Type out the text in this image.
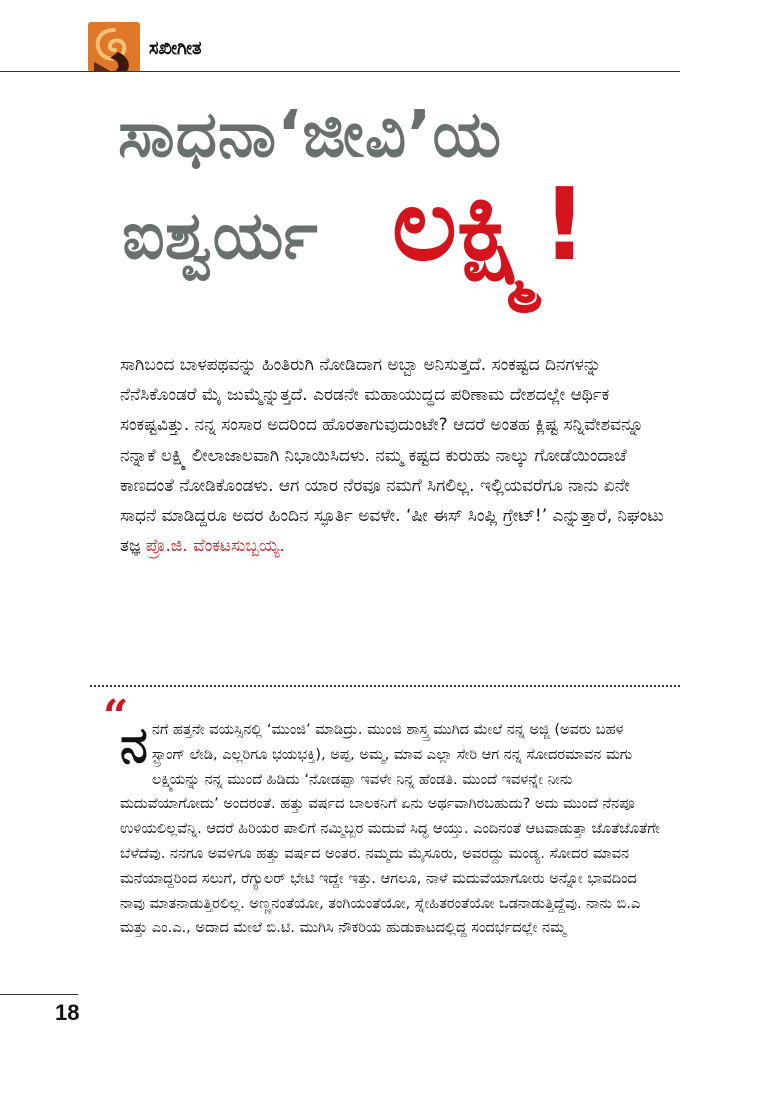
ಸಖೀಗೀತ
ಸಾಧನಾ‘ಜೀವಿ’ಯ
ಐಶ್ವರ್ಯ ಲಕ್ಷ್ಮಿ!
ಸಾಗಿಬಂದ ಬಾಳಪಥವನ್ನು ಹಿಂತಿರುಗಿ ನೋಡಿದಾಗ ಅಬ್ಬಾ ಅನಿಸುತ್ತದೆ. ಸಂಕಷ್ಟದ ದಿನಗಳನ್ನು ನೆನೆಸಿಕೊಂಡರೆ ಮೈ ಜುಮ್ಮೆನ್ನುತ್ತದೆ. ಎರಡನೇ ಮಹಾಯುದ್ಧದ ಪರಿಣಾಮ ದೇಶದಲ್ಲೇ ಆರ್ಥಿಕ ಸಂಕಷ್ಟವಿತ್ತು. ನನ್ನ ಸಂಸಾರ ಅದರಿಂದ ಹೊರತಾಗುವುದುಂಟೇ? ಆದರೆ ಅಂತಹ ಕ್ಲಿಷ್ಟ ಸನ್ನಿವೇಶವನ್ನೂ ನನ್ನಾಕೆ ಲಕ್ಷ್ಮಿ ಲೀಲಾಜಾಲವಾಗಿ ನಿಭಾಯಿಸಿದಳು. ನಮ್ಮ ಕಷ್ಟದ ಕುರುಹು ನಾಲ್ಕು ಗೋಡೆಯಿಂದಾಚೆ ಕಾಣದಂತೆ ನೋಡಿಕೊಂಡಳು. ಆಗ ಯಾರ ನೆರವೂ ನಮಗೆ ಸಿಗಲಿಲ್ಲ. ಇಲ್ಲಿಯವರೆಗೂ ನಾನು ಏನೇ ಸಾಧನೆ ಮಾಡಿದ್ದರೂ ಅದರ ಹಿಂದಿನ ಸ್ಫೂರ್ತಿ ಅವಳೇ. ‘ಷೀ ಈಸ್ ಸಿಂಪ್ಲಿ ಗ್ರೇಟ್!’ ಎನ್ನುತ್ತಾರೆ, ನಿಘಂಟು ತಜ್ಞ ಪ್ರೊ.ಜಿ. ವೆಂಕಟಸುಬ್ಬಯ್ಯ.
“
ನನಗೆ ಹತ್ತನೇ ವಯಸ್ಸಿನಲ್ಲಿ ‘ಮುಂಜಿ’ ಮಾಡಿದ್ರು. ಮುಂಜಿ ಶಾಸ್ತ್ರ ಮುಗಿದ ಮೇಲೆ ನನ್ನ ಅಜ್ಜಿ (ಅವರು ಬಹಳ ಸ್ಟ್ರಾಂಗ್ ಲೇಡಿ, ಎಲ್ಲರಿಗೂ ಭಯಭಕ್ತಿ), ಅಪ್ಪ, ಅಮ್ಮ, ಮಾವ ಎಲ್ಲಾ ಸೇರಿ ಆಗ ನನ್ನ ಸೋದರಮಾವನ ಮಗು ಲಕ್ಷ್ಮಿಯನ್ನು ನನ್ನ ಮುಂದೆ ಹಿಡಿದು ‘ನೋಡಪ್ಪಾ ಇವಳೇ ನಿನ್ನ ಹೆಂಡತಿ. ಮುಂದೆ ಇವಳನ್ನೇ ನೀನು ಮದುವೆಯಾಗೋದು’ ಅಂದರಂತೆ. ಹತ್ತು ವರ್ಷದ ಬಾಲಕನಿಗೆ ಏನು ಅರ್ಥವಾಗಿರಬಹುದು? ಅದು ಮುಂದೆ ನೆನಪೂ ಉಳಿಯಲಿಲ್ಲವೆನ್ನಿ. ಆದರೆ ಹಿರಿಯರ ಪಾಲಿಗೆ ನಮ್ಮಿಬ್ಬರ ಮದುವೆ ಸಿದ್ಧ ಆಯ್ತು. ಎಂದಿನಂತೆ ಆಟವಾಡುತ್ತಾ ಜೊತೆಜೊತೆಗೇ ಬೆಳೆದೆವು. ನನಗೂ ಅವಳಿಗೂ ಹತ್ತು ವರ್ಷದ ಅಂತರ. ನಮ್ಮದು ಮೈಸೂರು, ಅವರದ್ದು ಮಂಡ್ಯ. ಸೋದರ ಮಾವನ ಮನೆಯಾದ್ದರಿಂದ ಸಲುಗೆ, ರೆಗ್ಯುಲರ್ ಭೇಟಿ ಇದ್ದೇ ಇತ್ತು. ಆಗಲೂ, ನಾಳೆ ಮದುವೆಯಾಗೋರು ಅನ್ನೋ ಭಾವದಿಂದ ನಾವು ಮಾತನಾಡುತ್ತಿರಲಿಲ್ಲ. ಅಣ್ಣನಂತೆಯೋ, ತಂಗಿಯಂತೆಯೋ, ಸ್ನೇಹಿತರಂತೆಯೋ ಒಡನಾಡುತ್ತಿದ್ದೆವು. ನಾನು ಬಿ.ಎ ಮತ್ತು ಎಂ.ಎ., ಅದಾದ ಮೇಲೆ ಬಿ.ಟಿ. ಮುಗಿಸಿ ನೌಕರಿಯ ಹುಡುಕಾಟದಲ್ಲಿದ್ದ ಸಂದರ್ಭದಲ್ಲೇ ನಮ್ಮ
18
